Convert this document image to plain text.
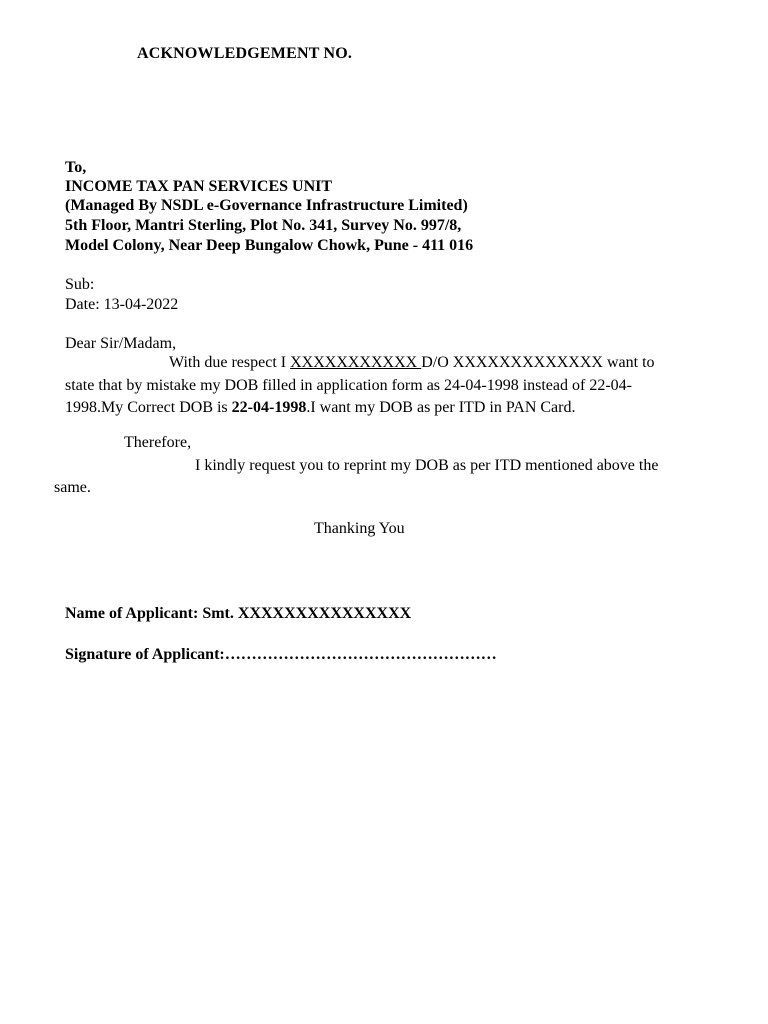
ACKNOWLEDGEMENT NO.
To,
INCOME TAX PAN SERVICES UNIT
(Managed By NSDL e-Governance Infrastructure Limited)
5th Floor, Mantri Sterling, Plot No. 341, Survey No. 997/8,
Model Colony, Near Deep Bungalow Chowk, Pune - 411 016
Sub:
Date: 13-04-2022
Dear Sir/Madam,
With due respect I XXXXXXXXXXX D/O XXXXXXXXXXXXX want to
state that by mistake my DOB filled in application form as 24-04-1998 instead of 22-04-
1998.My Correct DOB is 22-04-1998.I want my DOB as per ITD in PAN Card.
Therefore,
I kindly request you to reprint my DOB as per ITD mentioned above the
same.
Thanking You
Name of Applicant: Smt. XXXXXXXXXXXXXXX
Signature of Applicant:……………………………………………
